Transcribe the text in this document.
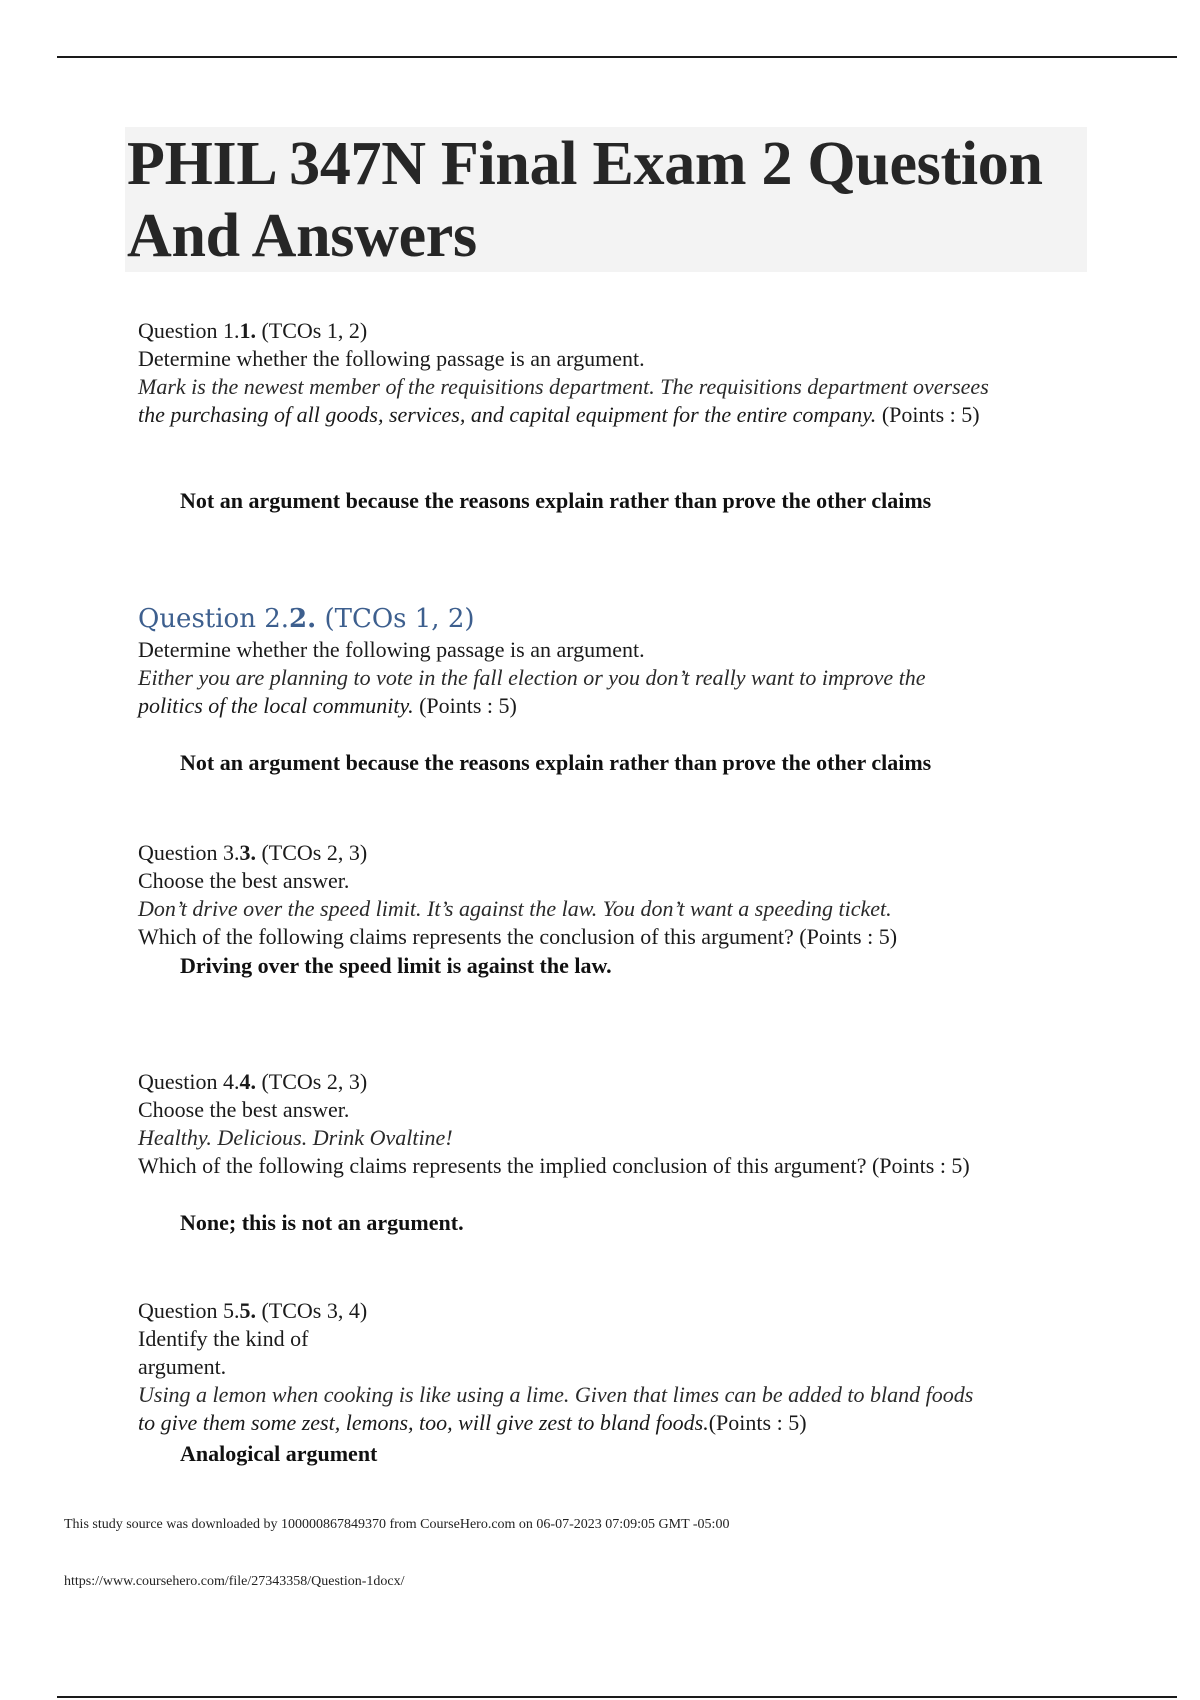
PHIL 347N Final Exam 2 Question
And Answers
Question 1.1. (TCOs 1, 2)
Determine whether the following passage is an argument.
Mark is the newest member of the requisitions department. The requisitions department oversees
the purchasing of all goods, services, and capital equipment for the entire company. (Points : 5)
Not an argument because the reasons explain rather than prove the other claims
Question 2.2. (TCOs 1, 2)
Determine whether the following passage is an argument.
Either you are planning to vote in the fall election or you don’t really want to improve the
politics of the local community. (Points : 5)
Not an argument because the reasons explain rather than prove the other claims
Question 3.3. (TCOs 2, 3)
Choose the best answer.
Don’t drive over the speed limit. It’s against the law. You don’t want a speeding ticket.
Which of the following claims represents the conclusion of this argument? (Points : 5)
Driving over the speed limit is against the law.
Question 4.4. (TCOs 2, 3)
Choose the best answer.
Healthy. Delicious. Drink Ovaltine!
Which of the following claims represents the implied conclusion of this argument? (Points : 5)
None; this is not an argument.
Question 5.5. (TCOs 3, 4)
Identify the kind of
argument.
Using a lemon when cooking is like using a lime. Given that limes can be added to bland foods
to give them some zest, lemons, too, will give zest to bland foods.(Points : 5)
Analogical argument
This study source was downloaded by 100000867849370 from CourseHero.com on 06-07-2023 07:09:05 GMT -05:00
https://www.coursehero.com/file/27343358/Question-1docx/
